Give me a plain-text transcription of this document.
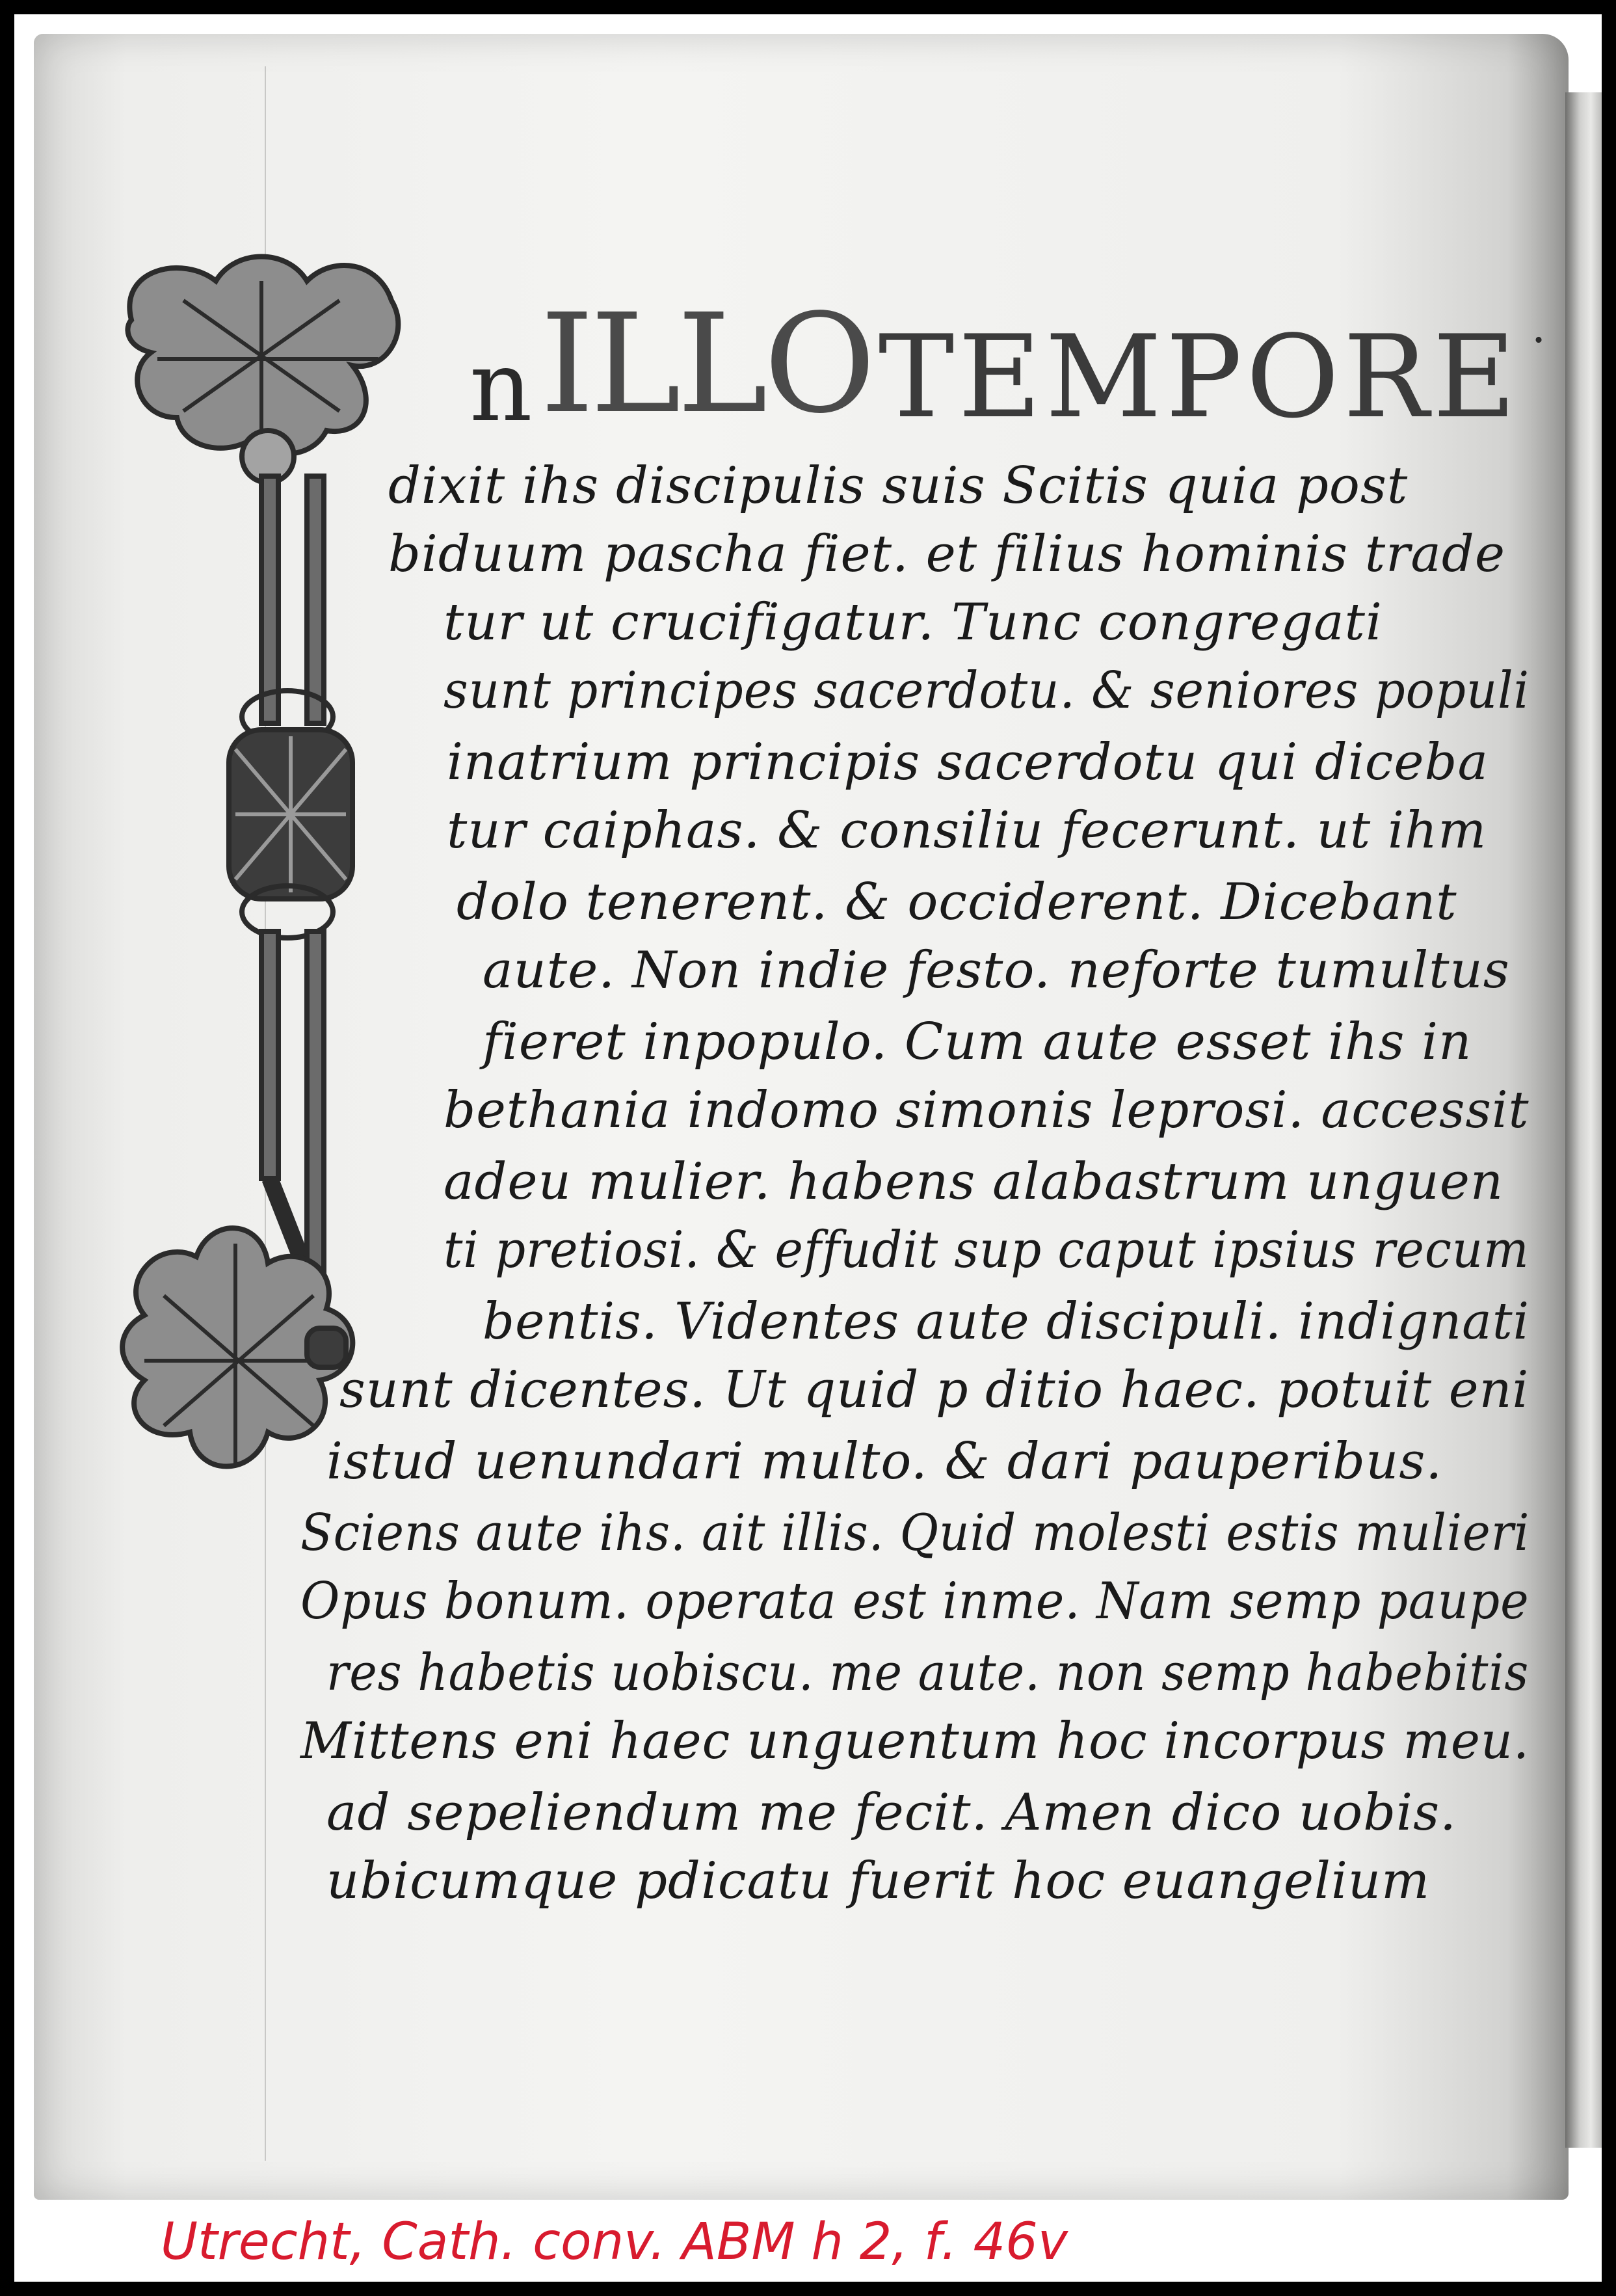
n ILLO TEMPORE ·
dixit ihs discipulis suis Scitis quia post
biduum pascha fiet. et filius hominis trade
tur ut crucifigatur. Tunc congregati
sunt principes sacerdotu. & seniores populi
inatrium principis sacerdotu qui diceba
tur caiphas. & consiliu fecerunt. ut ihm
dolo tenerent. & occiderent. Dicebant
aute. Non indie festo. neforte tumultus
fieret inpopulo. Cum aute esset ihs in
bethania indomo simonis leprosi. accessit
adeu mulier. habens alabastrum unguen
ti pretiosi. & effudit sup caput ipsius recum
bentis. Videntes aute discipuli. indignati
sunt dicentes. Ut quid p ditio haec. potuit eni
istud uenundari multo. & dari pauperibus.
Sciens aute ihs. ait illis. Quid molesti estis mulieri
Opus bonum. operata est inme. Nam semp paupe
res habetis uobiscu. me aute. non semp habebitis
Mittens eni haec unguentum hoc incorpus meu.
ad sepeliendum me fecit. Amen dico uobis.
ubicumque pdicatu fuerit hoc euangelium
Utrecht, Cath. conv. ABM h 2, f. 46v
